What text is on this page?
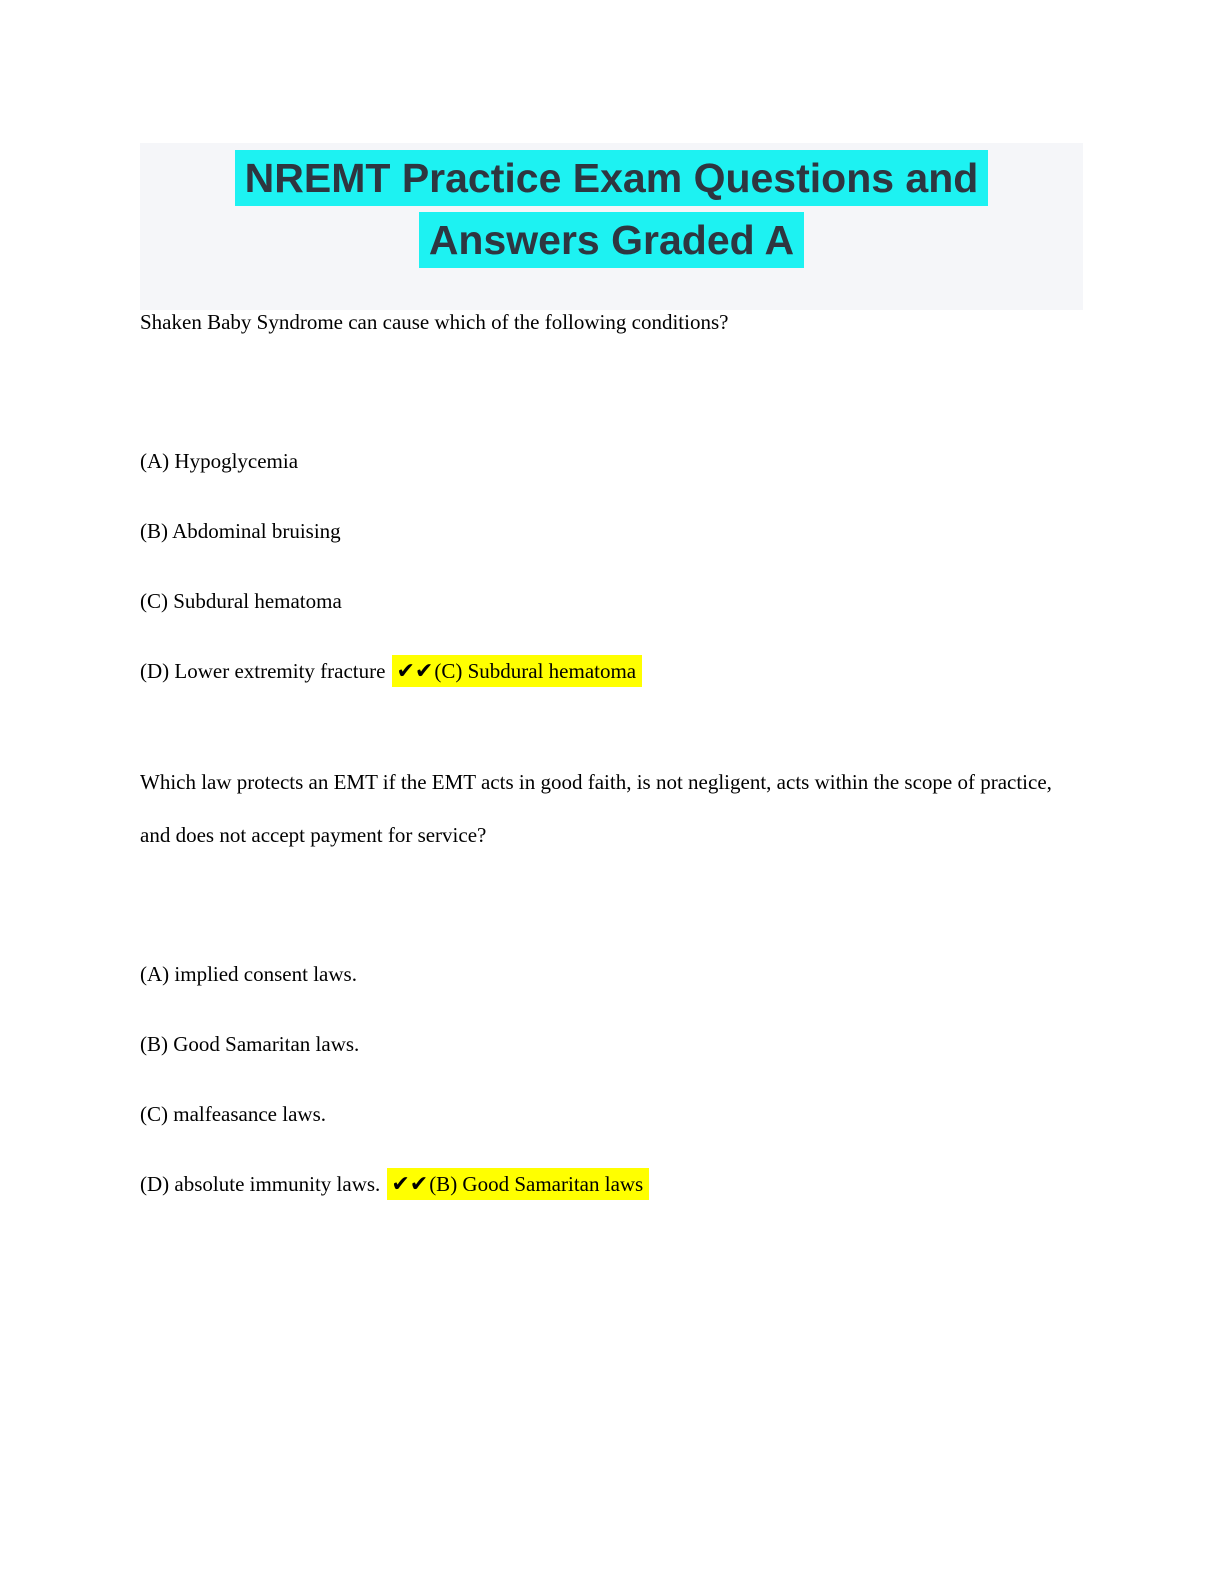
NREMT Practice Exam Questions and
Answers Graded A

Shaken Baby Syndrome can cause which of the following conditions?

(A) Hypoglycemia

(B) Abdominal bruising

(C) Subdural hematoma

(D) Lower extremity fracture ✔✔(C) Subdural hematoma

Which law protects an EMT if the EMT acts in good faith, is not negligent, acts within the scope of practice, and does not accept payment for service?

(A) implied consent laws.

(B) Good Samaritan laws.

(C) malfeasance laws.

(D) absolute immunity laws. ✔✔(B) Good Samaritan laws
